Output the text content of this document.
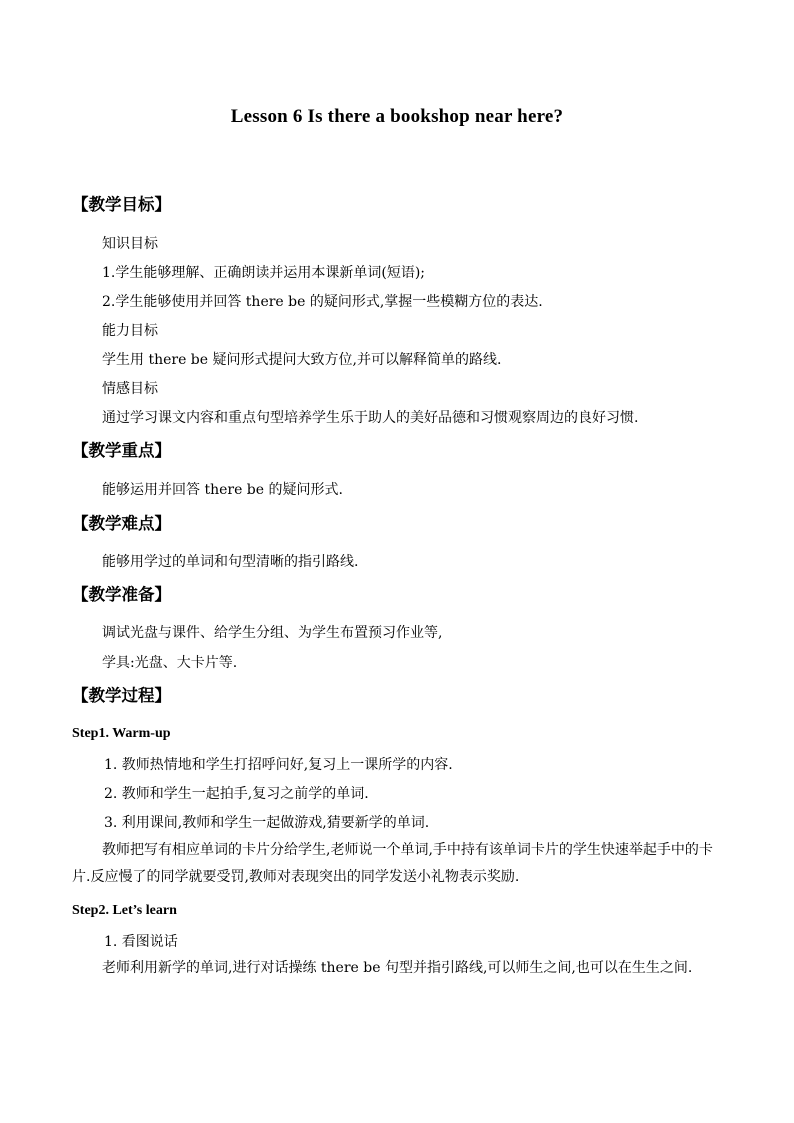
Lesson 6 Is there a bookshop near here?
【教学目标】
知识目标
1.学生能够理解、正确朗读并运用本课新单词(短语);
2.学生能够使用并回答 there be 的疑问形式,掌握一些模糊方位的表达.
能力目标
学生用 there be 疑问形式提问大致方位,并可以解释简单的路线.
情感目标
通过学习课文内容和重点句型培养学生乐于助人的美好品德和习惯观察周边的良好习惯.
【教学重点】
能够运用并回答 there be 的疑问形式.
【教学难点】
能够用学过的单词和句型清晰的指引路线.
【教学准备】
调试光盘与课件、给学生分组、为学生布置预习作业等,
学具:光盘、大卡片等.
【教学过程】
Step1. Warm-up
1. 教师热情地和学生打招呼问好,复习上一课所学的内容.
2. 教师和学生一起拍手,复习之前学的单词.
3. 利用课间,教师和学生一起做游戏,猜要新学的单词.
教师把写有相应单词的卡片分给学生,老师说一个单词,手中持有该单词卡片的学生快速举起手中的卡片.反应慢了的同学就要受罚,教师对表现突出的同学发送小礼物表示奖励.
Step2. Let’s learn
1. 看图说话
老师利用新学的单词,进行对话操练 there be 句型并指引路线,可以师生之间,也可以在生生之间.
